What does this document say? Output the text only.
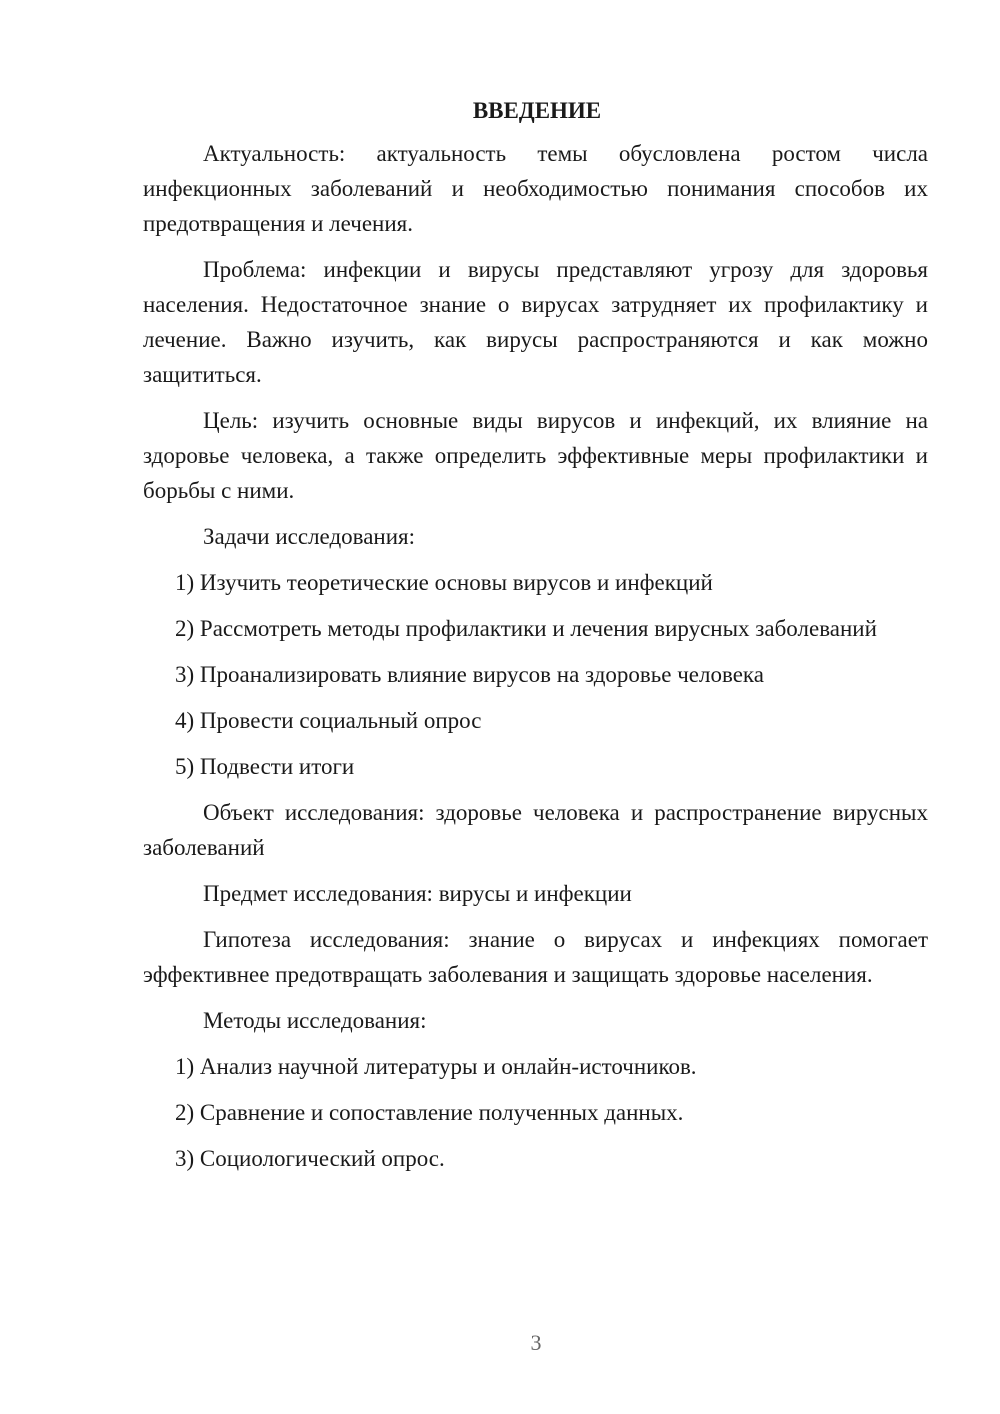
ВВЕДЕНИЕ

Актуальность: актуальность темы обусловлена ростом числа инфекционных заболеваний и необходимостью понимания способов их предотвращения и лечения.

Проблема: инфекции и вирусы представляют угрозу для здоровья населения. Недостаточное знание о вирусах затрудняет их профилактику и лечение. Важно изучить, как вирусы распространяются и как можно защититься.

Цель: изучить основные виды вирусов и инфекций, их влияние на здоровье человека, а также определить эффективные меры профилактики и борьбы с ними.

Задачи исследования:

1) Изучить теоретические основы вирусов и инфекций

2) Рассмотреть методы профилактики и лечения вирусных заболеваний

3) Проанализировать влияние вирусов на здоровье человека

4) Провести социальный опрос

5) Подвести итоги

Объект исследования: здоровье человека и распространение вирусных заболеваний

Предмет исследования: вирусы и инфекции

Гипотеза исследования: знание о вирусах и инфекциях помогает эффективнее предотвращать заболевания и защищать здоровье населения.

Методы исследования:

1) Анализ научной литературы и онлайн-источников.

2) Сравнение и сопоставление полученных данных.

3) Социологический опрос.

3
